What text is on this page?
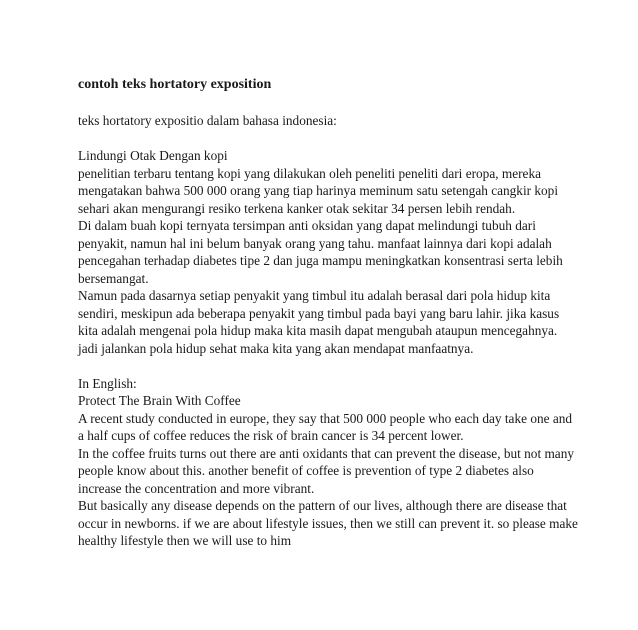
contoh teks hortatory exposition

teks hortatory expositio dalam bahasa indonesia:

Lindungi Otak Dengan kopi
penelitian terbaru tentang kopi yang dilakukan oleh peneliti peneliti dari eropa, mereka
mengatakan bahwa 500 000 orang yang tiap harinya meminum satu setengah cangkir kopi
sehari akan mengurangi resiko terkena kanker otak sekitar 34 persen lebih rendah.
Di dalam buah kopi ternyata tersimpan anti oksidan yang dapat melindungi tubuh dari
penyakit, namun hal ini belum banyak orang yang tahu. manfaat lainnya dari kopi adalah
pencegahan terhadap diabetes tipe 2 dan juga mampu meningkatkan konsentrasi serta lebih
bersemangat.
Namun pada dasarnya setiap penyakit yang timbul itu adalah berasal dari pola hidup kita
sendiri, meskipun ada beberapa penyakit yang timbul pada bayi yang baru lahir. jika kasus
kita adalah mengenai pola hidup maka kita masih dapat mengubah ataupun mencegahnya.
jadi jalankan pola hidup sehat maka kita yang akan mendapat manfaatnya.
In English:
Protect The Brain With Coffee
A recent study conducted in europe, they say that 500 000 people who each day take one and
a half cups of coffee reduces the risk of brain cancer is 34 percent lower.
In the coffee fruits turns out there are anti oxidants that can prevent the disease, but not many
people know about this. another benefit of coffee is prevention of type 2 diabetes also
increase the concentration and more vibrant.
But basically any disease depends on the pattern of our lives, although there are disease that
occur in newborns. if we are about lifestyle issues, then we still can prevent it. so please make
healthy lifestyle then we will use to him
